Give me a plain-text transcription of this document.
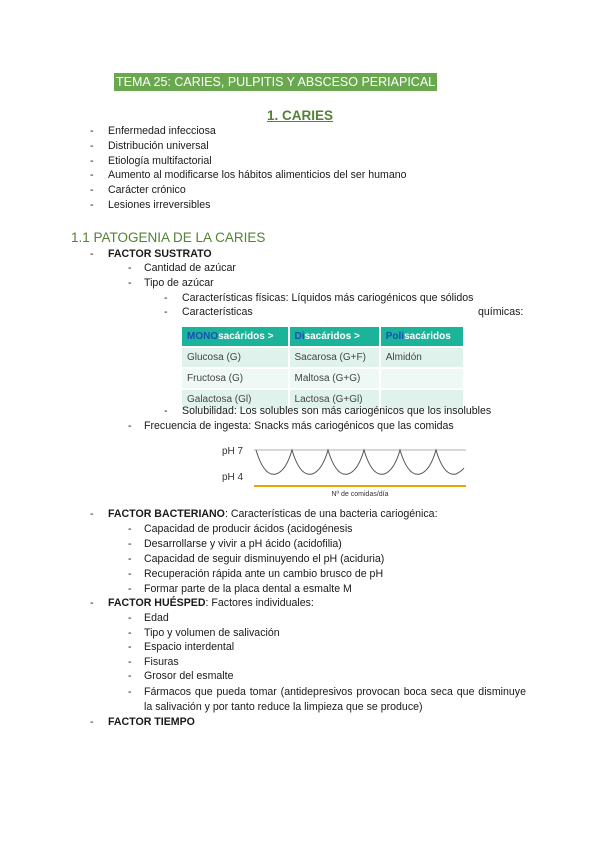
TEMA 25: CARIES, PULPITIS Y ABSCESO PERIAPICAL
1. CARIES
- Enfermedad infecciosa
- Distribución universal
- Etiología multifactorial
- Aumento al modificarse los hábitos alimenticios del ser humano
- Carácter crónico
- Lesiones irreversibles
1.1 PATOGENIA DE LA CARIES
- FACTOR SUSTRATO
- Cantidad de azúcar
- Tipo de azúcar
- Características físicas: Líquidos más cariogénicos que sólidos
- Características	químicas:
MONOsacáridos >	Disacáridos >	Polisacáridos
Glucosa (G)	Sacarosa (G+F)	Almidón
Fructosa (G)	Maltosa (G+G)	
Galactosa (Gl)	Lactosa (G+Gl)	
- Solubilidad: Los solubles son más cariogénicos que los insolubles
- Frecuencia de ingesta: Snacks más cariogénicos que las comidas
pH 7
pH 4
Nº de comidas/día
- FACTOR BACTERIANO: Características de una bacteria cariogénica:
- Capacidad de producir ácidos (acidogénesis
- Desarrollarse y vivir a pH ácido (acidofilia)
- Capacidad de seguir disminuyendo el pH (aciduria)
- Recuperación rápida ante un cambio brusco de pH
- Formar parte de la placa dental a esmalte M
- FACTOR HUÉSPED: Factores individuales:
- Edad
- Tipo y volumen de salivación
- Espacio interdental
- Fisuras
- Grosor del esmalte
- Fármacos que pueda tomar (antidepresivos provocan boca seca que disminuye la salivación y por tanto reduce la limpieza que se produce)
- FACTOR TIEMPO
